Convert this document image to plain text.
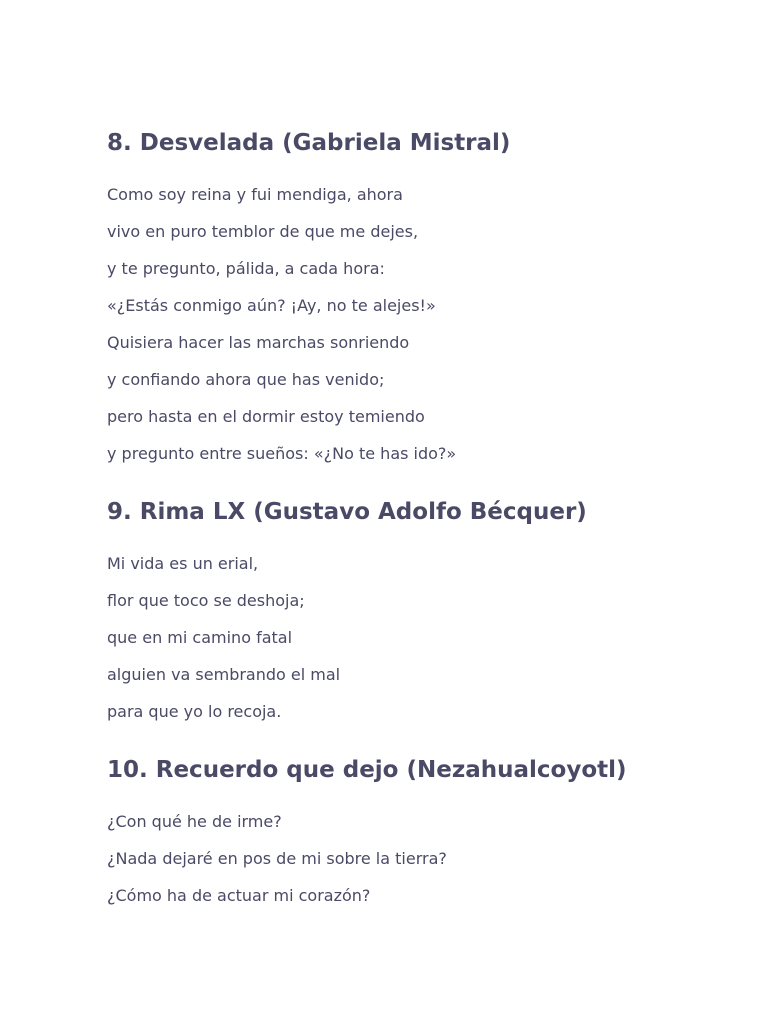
8. Desvelada (Gabriela Mistral)
Como soy reina y fui mendiga, ahora
vivo en puro temblor de que me dejes,
y te pregunto, pálida, a cada hora:
«¿Estás conmigo aún? ¡Ay, no te alejes!»
Quisiera hacer las marchas sonriendo
y confiando ahora que has venido;
pero hasta en el dormir estoy temiendo
y pregunto entre sueños: «¿No te has ido?»
9. Rima LX (Gustavo Adolfo Bécquer)
Mi vida es un erial,
flor que toco se deshoja;
que en mi camino fatal
alguien va sembrando el mal
para que yo lo recoja.
10. Recuerdo que dejo (Nezahualcoyotl)
¿Con qué he de irme?
¿Nada dejaré en pos de mi sobre la tierra?
¿Cómo ha de actuar mi corazón?
